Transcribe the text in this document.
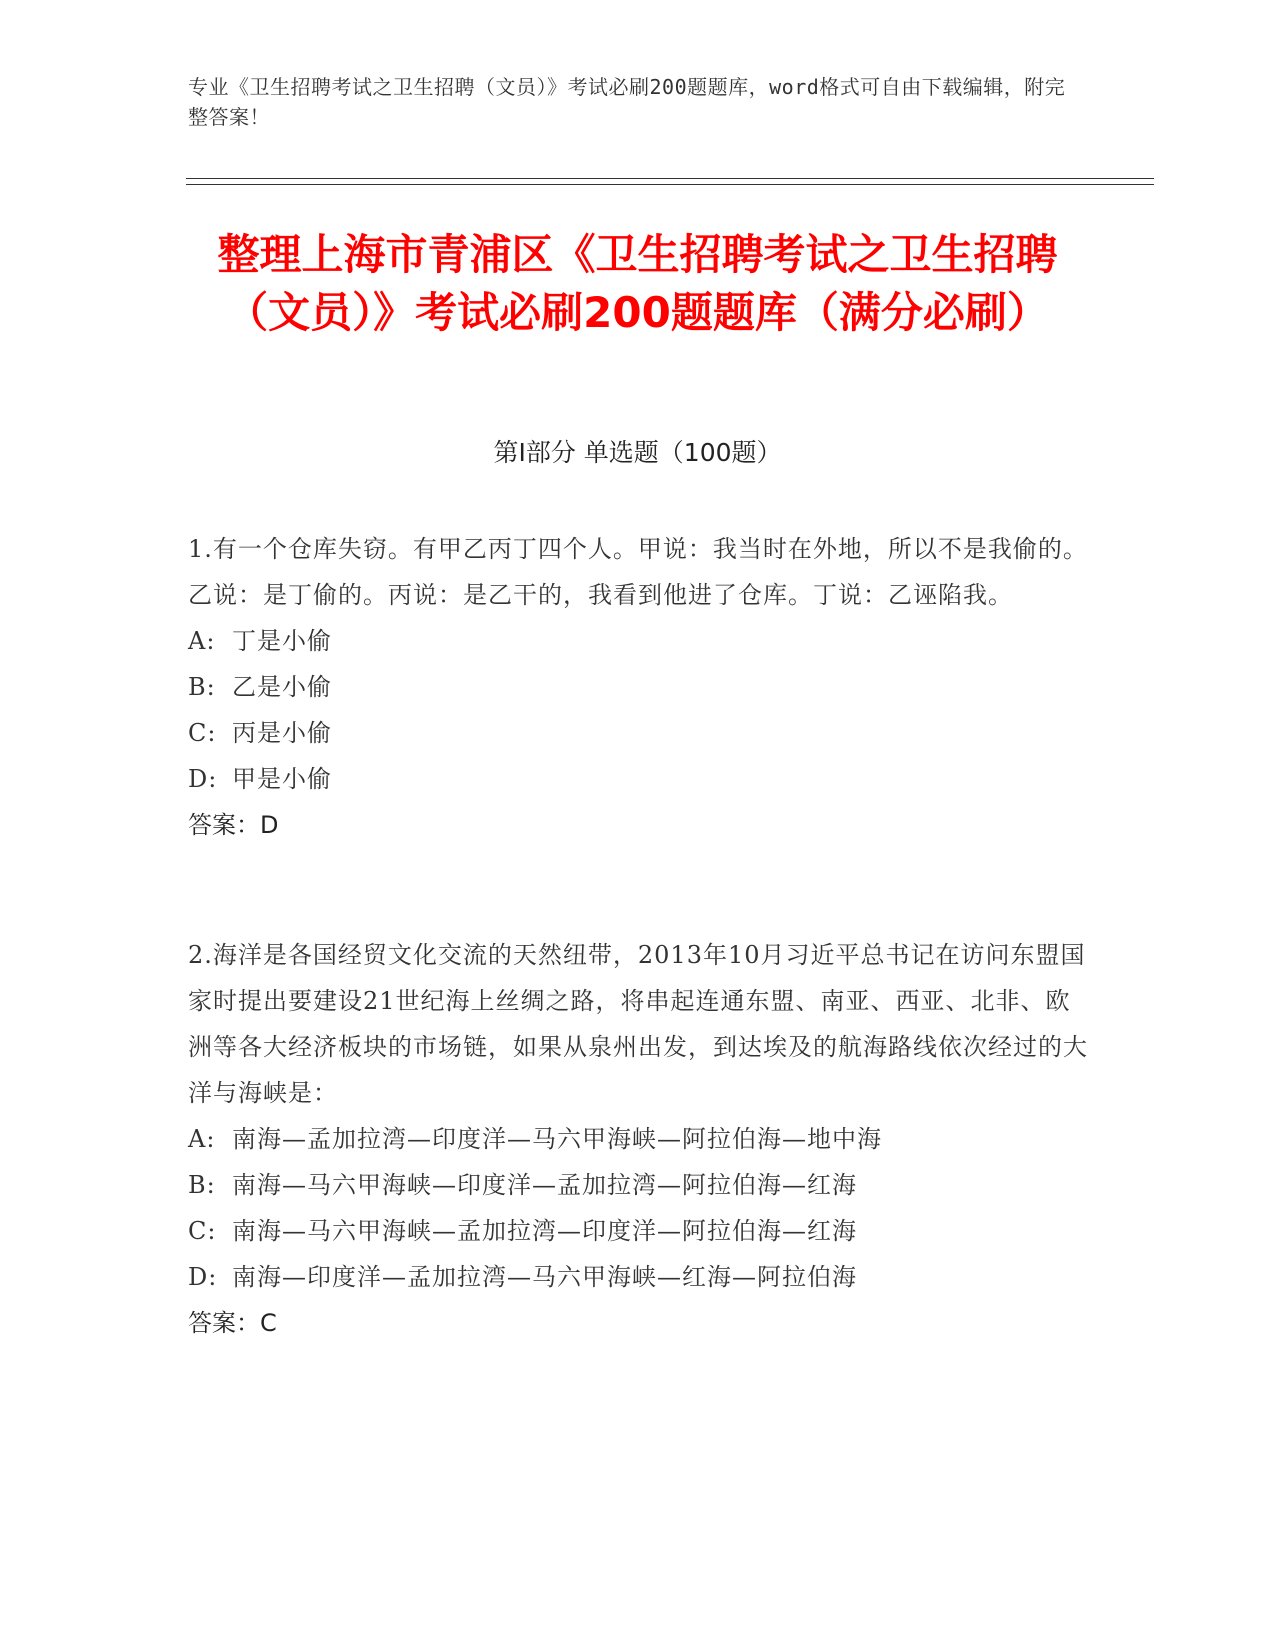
专业《卫生招聘考试之卫生招聘（文员）》考试必刷200题题库，word格式可自由下载编辑，附完整答案！
整理上海市青浦区《卫生招聘考试之卫生招聘（文员）》考试必刷200题题库（满分必刷）
第Ⅰ部分 单选题（100题）
1.有一个仓库失窃。有甲乙丙丁四个人。甲说：我当时在外地，所以不是我偷的。乙说：是丁偷的。丙说：是乙干的，我看到他进了仓库。丁说：乙诬陷我。
A: 丁是小偷
B: 乙是小偷
C: 丙是小偷
D: 甲是小偷
答案：D
2.海洋是各国经贸文化交流的天然纽带，2013年10月习近平总书记在访问东盟国家时提出要建设21世纪海上丝绸之路，将串起连通东盟、南亚、西亚、北非、欧洲等各大经济板块的市场链，如果从泉州出发，到达埃及的航海路线依次经过的大洋与海峡是：
A: 南海—孟加拉湾—印度洋—马六甲海峡—阿拉伯海—地中海
B: 南海—马六甲海峡—印度洋—孟加拉湾—阿拉伯海—红海
C: 南海—马六甲海峡—孟加拉湾—印度洋—阿拉伯海—红海
D: 南海—印度洋—孟加拉湾—马六甲海峡—红海—阿拉伯海
答案：C
